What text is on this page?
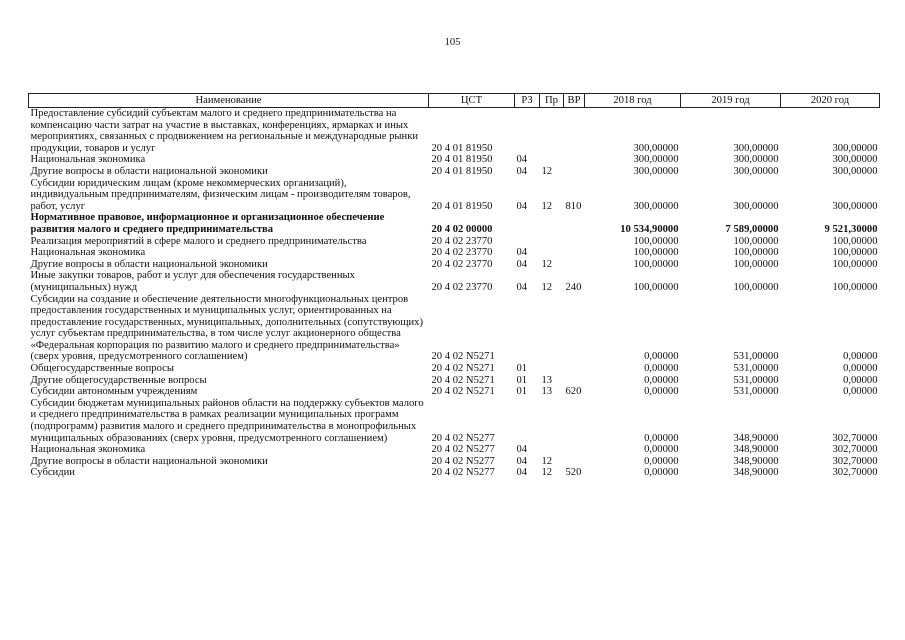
105
Наименование	ЦСТ	РЗ	Пр	ВР	2018 год	2019 год	2020 год
Предоставление субсидий субъектам малого и среднего предпринимательства на компенсацию части затрат на участие в выставках, конференциях, ярмарках и иных мероприятиях, связанных с продвижением на региональные и международные рынки продукции, товаров и услуг	20 4 01 81950				300,00000	300,00000	300,00000
Национальная экономика	20 4 01 81950	04			300,00000	300,00000	300,00000
Другие вопросы в области национальной экономики	20 4 01 81950	04	12		300,00000	300,00000	300,00000
Субсидии юридическим лицам (кроме некоммерческих организаций), индивидуальным предпринимателям, физическим лицам - производителям товаров, работ, услуг	20 4 01 81950	04	12	810	300,00000	300,00000	300,00000
Нормативное правовое, информационное и организационное обеспечение развития малого и среднего предпринимательства	20 4 02 00000				10 534,90000	7 589,00000	9 521,30000
Реализация мероприятий в сфере малого и среднего предпринимательства	20 4 02 23770				100,00000	100,00000	100,00000
Национальная экономика	20 4 02 23770	04			100,00000	100,00000	100,00000
Другие вопросы в области национальной экономики	20 4 02 23770	04	12		100,00000	100,00000	100,00000
Иные закупки товаров, работ и услуг для обеспечения государственных (муниципальных) нужд	20 4 02 23770	04	12	240	100,00000	100,00000	100,00000
Субсидии на создание и обеспечение деятельности многофункциональных центров предоставления государственных и муниципальных услуг, ориентированных на предоставление государственных, муниципальных, дополнительных (сопутствующих) услуг субъектам предпринимательства, в том числе услуг акционерного общества «Федеральная корпорация по развитию малого и среднего предпринимательства» (сверх уровня, предусмотренного соглашением)	20 4 02 N5271				0,00000	531,00000	0,00000
Общегосударственные вопросы	20 4 02 N5271	01			0,00000	531,00000	0,00000
Другие общегосударственные вопросы	20 4 02 N5271	01	13		0,00000	531,00000	0,00000
Субсидии автономным учреждениям	20 4 02 N5271	01	13	620	0,00000	531,00000	0,00000
Субсидии бюджетам муниципальных районов области на поддержку субъектов малого и среднего предпринимательства в рамках реализации муниципальных программ (подпрограмм) развития малого и среднего предпринимательства в монопрофильных муниципальных образованиях (сверх уровня, предусмотренного соглашением)	20 4 02 N5277				0,00000	348,90000	302,70000
Национальная экономика	20 4 02 N5277	04			0,00000	348,90000	302,70000
Другие вопросы в области национальной экономики	20 4 02 N5277	04	12		0,00000	348,90000	302,70000
Субсидии	20 4 02 N5277	04	12	520	0,00000	348,90000	302,70000
